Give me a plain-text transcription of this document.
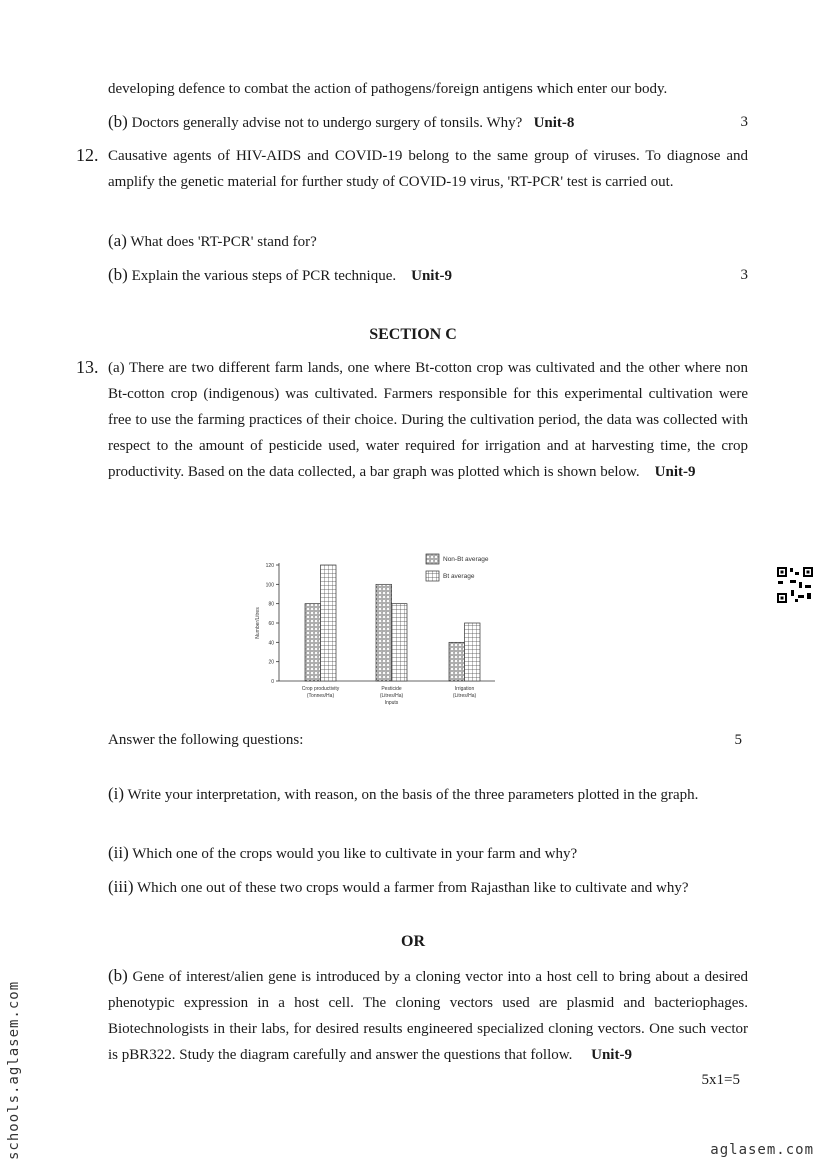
developing defence to combat the action of pathogens/foreign antigens which enter our body.
(b) Doctors generally advise not to undergo surgery of tonsils. Why? Unit-8	3
12. Causative agents of HIV-AIDS and COVID-19 belong to the same group of viruses. To diagnose and amplify the genetic material for further study of COVID-19 virus, 'RT-PCR' test is carried out.
(a) What does 'RT-PCR' stand for?
(b) Explain the various steps of PCR technique. Unit-9	3
SECTION C
13. (a) There are two different farm lands, one where Bt-cotton crop was cultivated and the other where non Bt-cotton crop (indigenous) was cultivated. Farmers responsible for this experimental cultivation were free to use the farming practices of their choice. During the cultivation period, the data was collected with respect to the amount of pesticide used, water required for irrigation and at harvesting time, the crop productivity. Based on the data collected, a bar graph was plotted which is shown below. Unit-9
0
20
40
60
80
100
120
Number/Litres
Crop productivity
(Tonnes/Ha)
Pesticide
(Litres/Ha)
Irrigation
(Litres/Ha)
Inputs
Non-Bt average
Bt average
Answer the following questions:	5
(i) Write your interpretation, with reason, on the basis of the three parameters plotted in the graph.
(ii) Which one of the crops would you like to cultivate in your farm and why?
(iii) Which one out of these two crops would a farmer from Rajasthan like to cultivate and why?
OR
(b) Gene of interest/alien gene is introduced by a cloning vector into a host cell to bring about a desired phenotypic expression in a host cell. The cloning vectors used are plasmid and bacteriophages. Biotechnologists in their labs, for desired results engineered specialized cloning vectors. One such vector is pBR322. Study the diagram carefully and answer the questions that follow. Unit-9
5x1=5
schools.aglasem.com	aglasem.com
